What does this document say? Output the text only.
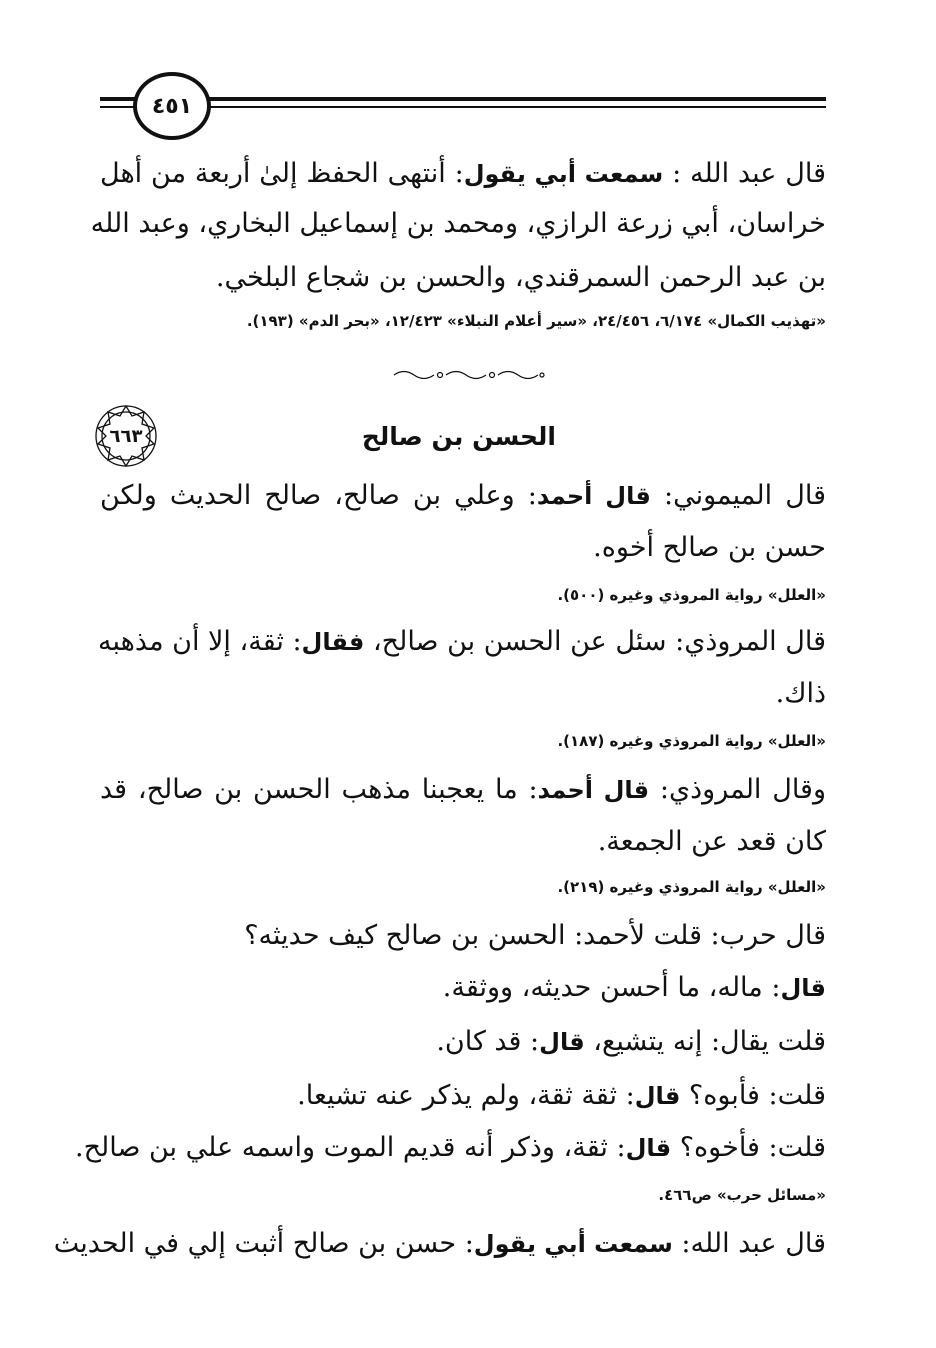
٤٥١
قال عبد الله : سمعت أبي يقول: أنتهى الحفظ إلىٰ أربعة من أهل
خراسان، أبي زرعة الرازي، ومحمد بن إسماعيل البخاري، وعبد الله
بن عبد الرحمن السمرقندي، والحسن بن شجاع البلخي.
«تهذيب الكمال» ٦/١٧٤، ٢٤/٤٥٦، «سير أعلام النبلاء» ١٢/٤٢٣، «بحر الدم» (١٩٣).
الحسن بن صالح
٦٦٣
قال الميموني: قال أحمد: وعلي بن صالح، صالح الحديث ولكن
حسن بن صالح أخوه.
«العلل» رواية المروذي وغيره (٥٠٠).
قال المروذي: سئل عن الحسن بن صالح، فقال: ثقة، إلا أن مذهبه
ذاك.
«العلل» رواية المروذي وغيره (١٨٧).
وقال المروذي: قال أحمد: ما يعجبنا مذهب الحسن بن صالح، قد
كان قعد عن الجمعة.
«العلل» رواية المروذي وغيره (٢١٩).
قال حرب: قلت لأحمد: الحسن بن صالح كيف حديثه؟
قال: ماله، ما أحسن حديثه، ووثقة.
قلت يقال: إنه يتشيع، قال: قد كان.
قلت: فأبوه؟ قال: ثقة ثقة، ولم يذكر عنه تشيعا.
قلت: فأخوه؟ قال: ثقة، وذكر أنه قديم الموت واسمه علي بن صالح.
«مسائل حرب» ص٤٦٦.
قال عبد الله: سمعت أبي يقول: حسن بن صالح أثبت إلي في الحديث
